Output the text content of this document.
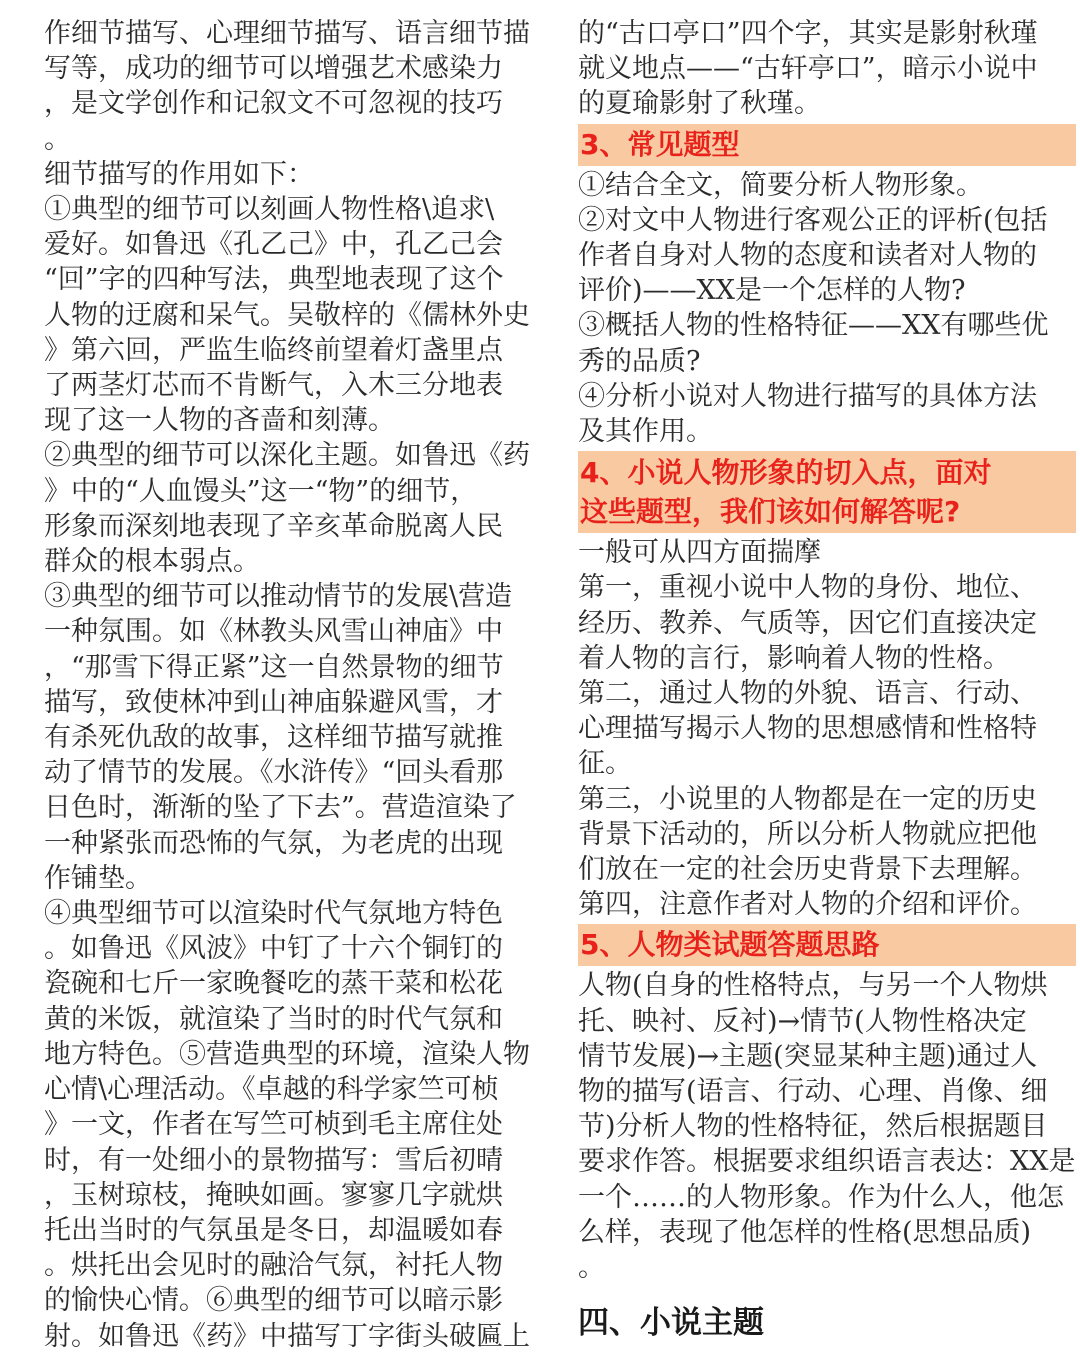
作细节描写、心理细节描写、语言细节描

写等，成功的细节可以增强艺术感染力

，是文学创作和记叙文不可忽视的技巧

。

细节描写的作用如下：

①典型的细节可以刻画人物性格\追求\

爱好。如鲁迅《孔乙己》中，孔乙己会

“回”字的四种写法，典型地表现了这个

人物的迂腐和呆气。吴敬梓的《儒林外史

》第六回，严监生临终前望着灯盏里点

了两茎灯芯而不肯断气，入木三分地表

现了这一人物的吝啬和刻薄。

②典型的细节可以深化主题。如鲁迅《药

》中的“人血馒头”这一“物”的细节，

形象而深刻地表现了辛亥革命脱离人民

群众的根本弱点。

③典型的细节可以推动情节的发展\营造

一种氛围。如《林教头风雪山神庙》中

，“那雪下得正紧”这一自然景物的细节

描写，致使林冲到山神庙躲避风雪，才

有杀死仇敌的故事，这样细节描写就推

动了情节的发展。《水浒传》“回头看那

日色时，渐渐的坠了下去”。营造渲染了

一种紧张而恐怖的气氛，为老虎的出现

作铺垫。

④典型细节可以渲染时代气氛地方特色

。如鲁迅《风波》中钉了十六个铜钉的

瓷碗和七斤一家晚餐吃的蒸干菜和松花

黄的米饭，就渲染了当时的时代气氛和

地方特色。⑤营造典型的环境，渲染人物

心情\心理活动。《卓越的科学家竺可桢

》一文，作者在写竺可桢到毛主席住处

时，有一处细小的景物描写：雪后初晴

，玉树琼枝，掩映如画。寥寥几字就烘

托出当时的气氛虽是冬日，却温暖如春

。烘托出会见时的融洽气氛，衬托人物

的愉快心情。⑥典型的细节可以暗示影

射。如鲁迅《药》中描写丁字街头破匾上

的“古口亭口”四个字，其实是影射秋瑾

就义地点——“古轩亭口”，暗示小说中

的夏瑜影射了秋瑾。

3、常见题型

①结合全文，简要分析人物形象。

②对文中人物进行客观公正的评析(包括

作者自身对人物的态度和读者对人物的

评价)——XX是一个怎样的人物?

③概括人物的性格特征——XX有哪些优

秀的品质?

④分析小说对人物进行描写的具体方法

及其作用。

4、小说人物形象的切入点，面对
这些题型，我们该如何解答呢?

一般可从四方面揣摩

第一，重视小说中人物的身份、地位、

经历、教养、气质等，因它们直接决定

着人物的言行，影响着人物的性格。

第二，通过人物的外貌、语言、行动、

心理描写揭示人物的思想感情和性格特

征。

第三，小说里的人物都是在一定的历史

背景下活动的，所以分析人物就应把他

们放在一定的社会历史背景下去理解。

第四，注意作者对人物的介绍和评价。

5、人物类试题答题思路

人物(自身的性格特点，与另一个人物烘

托、映衬、反衬)→情节(人物性格决定

情节发展)→主题(突显某种主题)通过人

物的描写(语言、行动、心理、肖像、细

节)分析人物的性格特征，然后根据题目

要求作答。根据要求组织语言表达：XX是

一个……的人物形象。作为什么人，他怎

么样，表现了他怎样的性格(思想品质)

。

四、小说主题
